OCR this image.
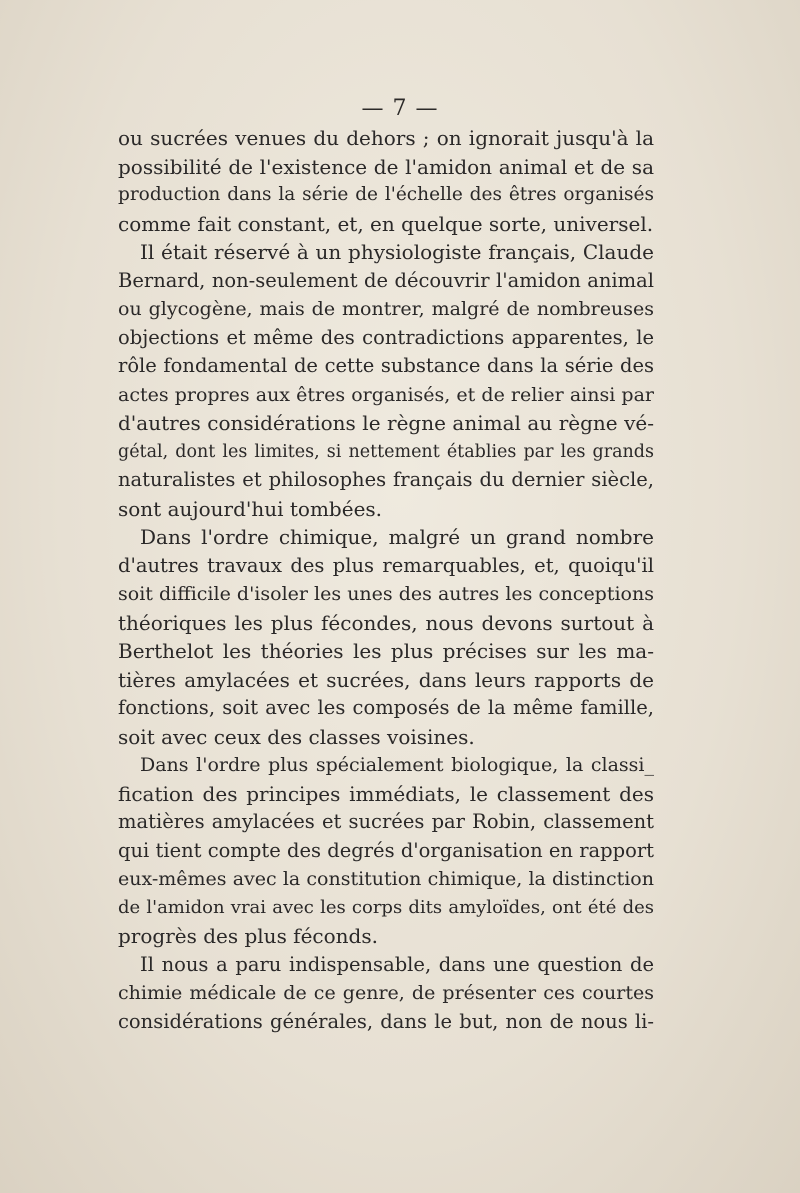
— 7 —
ou sucrées venues du dehors ; on ignorait jusqu'à la
possibilité de l'existence de l'amidon animal et de sa
production dans la série de l'échelle des êtres organisés
comme fait constant, et, en quelque sorte, universel.
Il était réservé à un physiologiste français, Claude
Bernard, non-seulement de découvrir l'amidon animal
ou glycogène, mais de montrer, malgré de nombreuses
objections et même des contradictions apparentes, le
rôle fondamental de cette substance dans la série des
actes propres aux êtres organisés, et de relier ainsi par
d'autres considérations le règne animal au règne vé-
gétal, dont les limites, si nettement établies par les grands
naturalistes et philosophes français du dernier siècle,
sont aujourd'hui tombées.
Dans l'ordre chimique, malgré un grand nombre
d'autres travaux des plus remarquables, et, quoiqu'il
soit difficile d'isoler les unes des autres les conceptions
théoriques les plus fécondes, nous devons surtout à
Berthelot les théories les plus précises sur les ma-
tières amylacées et sucrées, dans leurs rapports de
fonctions, soit avec les composés de la même famille,
soit avec ceux des classes voisines.
Dans l'ordre plus spécialement biologique, la classi_
fication des principes immédiats, le classement des
matières amylacées et sucrées par Robin, classement
qui tient compte des degrés d'organisation en rapport
eux-mêmes avec la constitution chimique, la distinction
de l'amidon vrai avec les corps dits amyloïdes, ont été des
progrès des plus féconds.
Il nous a paru indispensable, dans une question de
chimie médicale de ce genre, de présenter ces courtes
considérations générales, dans le but, non de nous li-
